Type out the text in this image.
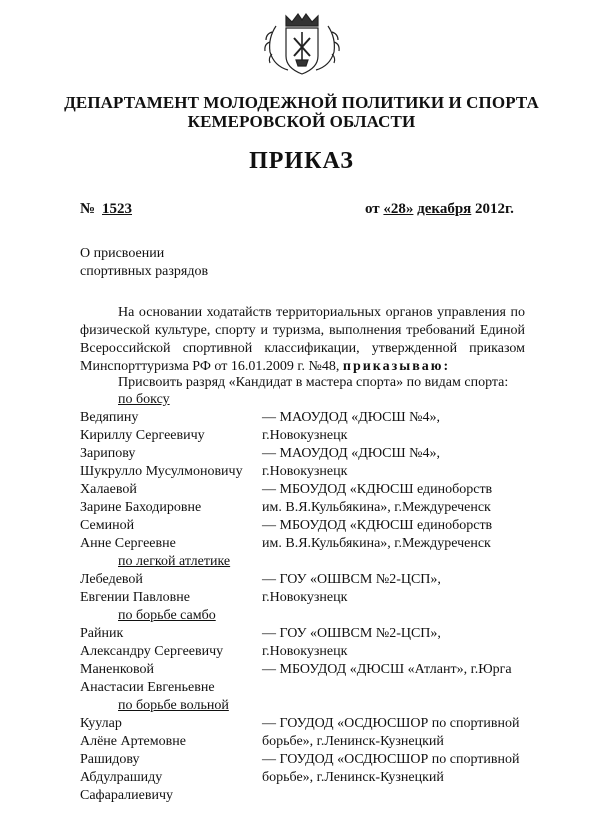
ДЕПАРТАМЕНТ МОЛОДЕЖНОЙ ПОЛИТИКИ И СПОРТА
КЕМЕРОВСКОЙ ОБЛАСТИ
ПРИКАЗ
№ 1523	от «28» декабря 2012г.
О присвоении
спортивных разрядов
На основании ходатайств территориальных органов управления по физической культуре, спорту и туризма, выполнения требований Единой Всероссийской спортивной классификации, утвержденной приказом Минспорттуризма РФ от 16.01.2009 г. №48, приказываю:
Присвоить разряд «Кандидат в мастера спорта» по видам спорта:
по боксу
Ведяпину
Кириллу Сергеевичу
— МАОУДОД «ДЮСШ №4»,
г.Новокузнецк
Зарипову
Шукрулло Мусулмоновичу
— МАОУДОД «ДЮСШ №4»,
г.Новокузнецк
Халаевой
Зарине Баходировне
— МБОУДОД «КДЮСШ единоборств
им. В.Я.Кульбякина», г.Междуреченск
Семиной
Анне Сергеевне
— МБОУДОД «КДЮСШ единоборств
им. В.Я.Кульбякина», г.Междуреченск
по легкой атлетике
Лебедевой
Евгении Павловне
— ГОУ «ОШВСМ №2-ЦСП»,
г.Новокузнецк
по борьбе самбо
Райник
Александру Сергеевичу
— ГОУ «ОШВСМ №2-ЦСП»,
г.Новокузнецк
Маненковой
Анастасии Евгеньевне
— МБОУДОД «ДЮСШ «Атлант», г.Юрга
по борьбе вольной
Куулар
Алёне Артемовне
— ГОУДОД «ОСДЮСШОР по спортивной
борьбе», г.Ленинск-Кузнецкий
Рашидову
Абдулрашиду
Сафаралиевичу
— ГОУДОД «ОСДЮСШОР по спортивной
борьбе», г.Ленинск-Кузнецкий
